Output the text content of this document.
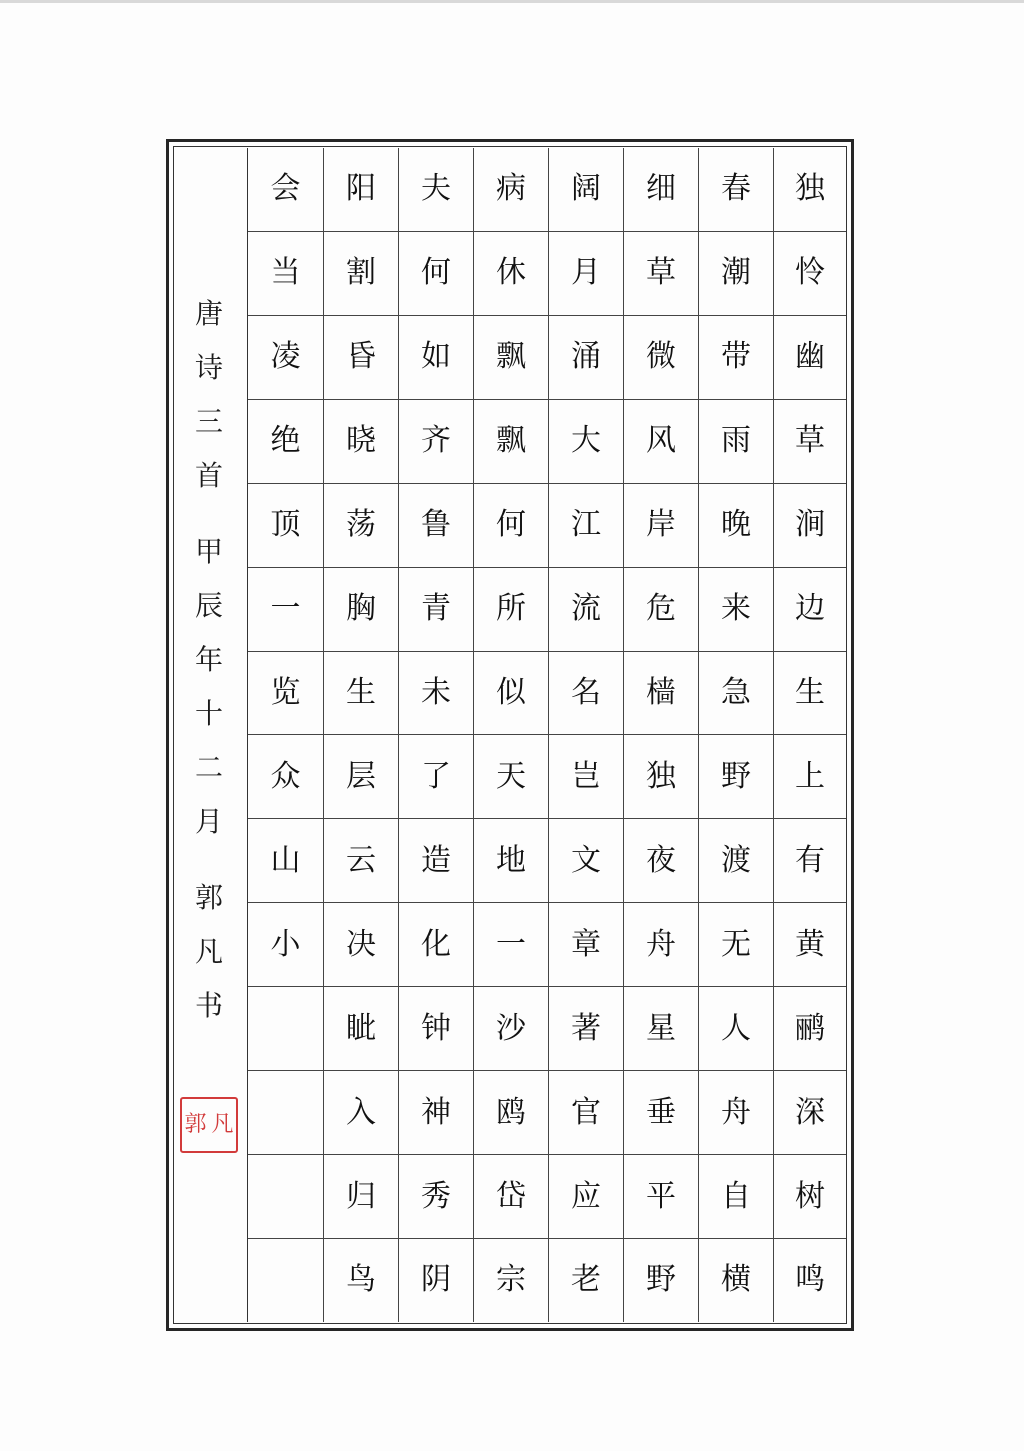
独
怜
幽
草
涧
边
生
上
有
黄
鹂
深
树
鸣
春
潮
带
雨
晚
来
急
野
渡
无
人
舟
自
横
细
草
微
风
岸
危
樯
独
夜
舟
星
垂
平
野
阔
月
涌
大
江
流
名
岂
文
章
著
官
应
老
病
休
飘
飘
何
所
似
天
地
一
沙
鸥
岱
宗
夫
何
如
齐
鲁
青
未
了
造
化
钟
神
秀
阴
阳
割
昏
晓
荡
胸
生
层
云
决
眦
入
归
鸟
会
当
凌
绝
顶
一
览
众
山
小
唐
诗
三
首
甲
辰
年
十
二
月
郭
凡
书
郭 凡
